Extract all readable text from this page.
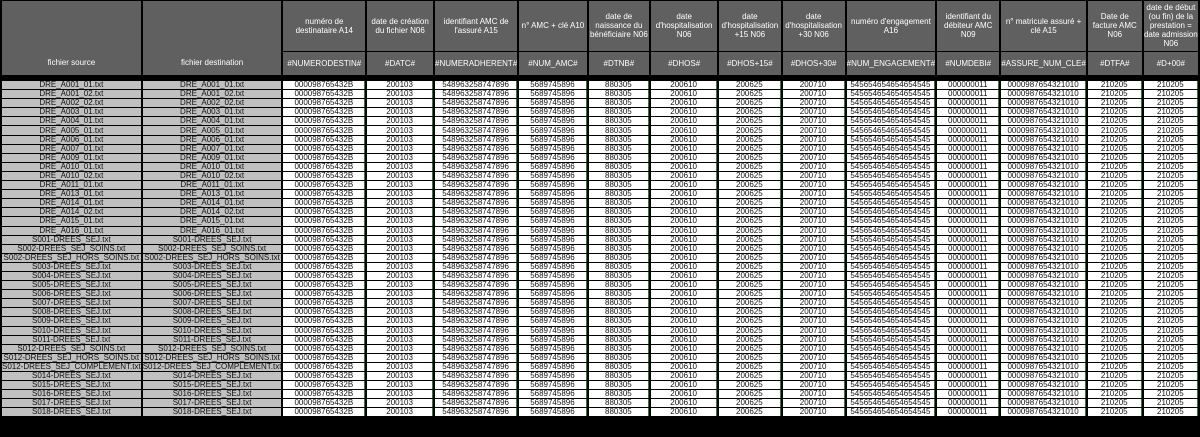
fichier source	fichier destination	numéro de destinataire A14	date de création du fichier N06	identifiant AMC de l'assuré A15	n° AMC + clé A10	date de naissance du bénéficiaire N06	date d'hospitalisation N06	date d'hospitalisation +15 N06	date d'hospitalisation +30 N06	numéro d'engagement A16	identifiant du débiteur AMC N09	n° matricule assuré + clé A15	Date de facture AMC N06	date de début (ou fin) de la prestation = date admission N06
		#NUMERODESTIN#	#DATC#	#NUMERADHERENT#	#NUM_AMC#	#DTNB#	#DHOS#	#DHOS+15#	#DHOS+30#	#NUM_ENGAGEMENT#	#NUMDEBI#	#ASSURE_NUM_CLE#	#DTFA#	#D+00#

DRE_A001_01.txt	DRE_A001_01.txt	000098765432B	200103	548963258747896	5689745896	880305	200610	200625	200710	545654654654654545	000000011	0000987654321010	210205	210205
DRE_A001_02.txt	DRE_A001_02.txt	000098765432B	200103	548963258747896	5689745896	880305	200610	200625	200710	545654654654654545	000000011	0000987654321010	210205	210205
DRE_A002_02.txt	DRE_A002_02.txt	000098765432B	200103	548963258747896	5689745896	880305	200610	200625	200710	545654654654654545	000000011	0000987654321010	210205	210205
DRE_A003_01.txt	DRE_A003_01.txt	000098765432B	200103	548963258747896	5689745896	880305	200610	200625	200710	545654654654654545	000000011	0000987654321010	210205	210205
DRE_A004_01.txt	DRE_A004_01.txt	000098765432B	200103	548963258747896	5689745896	880305	200610	200625	200710	545654654654654545	000000011	0000987654321010	210205	210205
DRE_A005_01.txt	DRE_A005_01.txt	000098765432B	200103	548963258747896	5689745896	880305	200610	200625	200710	545654654654654545	000000011	0000987654321010	210205	210205
DRE_A006_01.txt	DRE_A006_01.txt	000098765432B	200103	548963258747896	5689745896	880305	200610	200625	200710	545654654654654545	000000011	0000987654321010	210205	210205
DRE_A007_01.txt	DRE_A007_01.txt	000098765432B	200103	548963258747896	5689745896	880305	200610	200625	200710	545654654654654545	000000011	0000987654321010	210205	210205
DRE_A009_01.txt	DRE_A009_01.txt	000098765432B	200103	548963258747896	5689745896	880305	200610	200625	200710	545654654654654545	000000011	0000987654321010	210205	210205
DRE_A010_01.txt	DRE_A010_01.txt	000098765432B	200103	548963258747896	5689745896	880305	200610	200625	200710	545654654654654545	000000011	0000987654321010	210205	210205
DRE_A010_02.txt	DRE_A010_02.txt	000098765432B	200103	548963258747896	5689745896	880305	200610	200625	200710	545654654654654545	000000011	0000987654321010	210205	210205
DRE_A011_01.txt	DRE_A011_01.txt	000098765432B	200103	548963258747896	5689745896	880305	200610	200625	200710	545654654654654545	000000011	0000987654321010	210205	210205
DRE_A013_01.txt	DRE_A013_01.txt	000098765432B	200103	548963258747896	5689745896	880305	200610	200625	200710	545654654654654545	000000011	0000987654321010	210205	210205
DRE_A014_01.txt	DRE_A014_01.txt	000098765432B	200103	548963258747896	5689745896	880305	200610	200625	200710	545654654654654545	000000011	0000987654321010	210205	210205
DRE_A014_02.txt	DRE_A014_02.txt	000098765432B	200103	548963258747896	5689745896	880305	200610	200625	200710	545654654654654545	000000011	0000987654321010	210205	210205
DRE_A015_01.txt	DRE_A015_01.txt	000098765432B	200103	548963258747896	5689745896	880305	200610	200625	200710	545654654654654545	000000011	0000987654321010	210205	210205
DRE_A016_01.txt	DRE_A016_01.txt	000098765432B	200103	548963258747896	5689745896	880305	200610	200625	200710	545654654654654545	000000011	0000987654321010	210205	210205
S001-DREES_SEJ.txt	S001-DREES_SEJ.txt	000098765432B	200103	548963258747896	5689745896	880305	200610	200625	200710	545654654654654545	000000011	0000987654321010	210205	210205
S002-DREES_SEJ_SOINS.txt	S002-DREES_SEJ_SOINS.txt	000098765432B	200103	548963258747896	5689745896	880305	200610	200625	200710	545654654654654545	000000011	0000987654321010	210205	210205
S002-DREES_SEJ_HORS_SOINS.txt	S002-DREES_SEJ_HORS_SOINS.txt	000098765432B	200103	548963258747896	5689745896	880305	200610	200625	200710	545654654654654545	000000011	0000987654321010	210205	210205
S003-DREES_SEJ.txt	S003-DREES_SEJ.txt	000098765432B	200103	548963258747896	5689745896	880305	200610	200625	200710	545654654654654545	000000011	0000987654321010	210205	210205
S004-DREES_SEJ.txt	S004-DREES_SEJ.txt	000098765432B	200103	548963258747896	5689745896	880305	200610	200625	200710	545654654654654545	000000011	0000987654321010	210205	210205
S005-DREES_SEJ.txt	S005-DREES_SEJ.txt	000098765432B	200103	548963258747896	5689745896	880305	200610	200625	200710	545654654654654545	000000011	0000987654321010	210205	210205
S006-DREES_SEJ.txt	S006-DREES_SEJ.txt	000098765432B	200103	548963258747896	5689745896	880305	200610	200625	200710	545654654654654545	000000011	0000987654321010	210205	210205
S007-DREES_SEJ.txt	S007-DREES_SEJ.txt	000098765432B	200103	548963258747896	5689745896	880305	200610	200625	200710	545654654654654545	000000011	0000987654321010	210205	210205
S008-DREES_SEJ.txt	S008-DREES_SEJ.txt	000098765432B	200103	548963258747896	5689745896	880305	200610	200625	200710	545654654654654545	000000011	0000987654321010	210205	210205
S009-DREES_SEJ.txt	S009-DREES_SEJ.txt	000098765432B	200103	548963258747896	5689745896	880305	200610	200625	200710	545654654654654545	000000011	0000987654321010	210205	210205
S010-DREES_SEJ.txt	S010-DREES_SEJ.txt	000098765432B	200103	548963258747896	5689745896	880305	200610	200625	200710	545654654654654545	000000011	0000987654321010	210205	210205
S011-DREES_SEJ.txt	S011-DREES_SEJ.txt	000098765432B	200103	548963258747896	5689745896	880305	200610	200625	200710	545654654654654545	000000011	0000987654321010	210205	210205
S012-DREES_SEJ_SOINS.txt	S012-DREES_SEJ_SOINS.txt	000098765432B	200103	548963258747896	5689745896	880305	200610	200625	200710	545654654654654545	000000011	0000987654321010	210205	210205
S012-DREES_SEJ_HORS_SOINS.txt	S012-DREES_SEJ_HORS_SOINS.txt	000098765432B	200103	548963258747896	5689745896	880305	200610	200625	200710	545654654654654545	000000011	0000987654321010	210205	210205
S012-DREES_SEJ_COMPLEMENT.txt	S012-DREES_SEJ_COMPLEMENT.txt	000098765432B	200103	548963258747896	5689745896	880305	200610	200625	200710	545654654654654545	000000011	0000987654321010	210205	210205
S014-DREES_SEJ.txt	S014-DREES_SEJ.txt	000098765432B	200103	548963258747896	5689745896	880305	200610	200625	200710	545654654654654545	000000011	0000987654321010	210205	210205
S015-DREES_SEJ.txt	S015-DREES_SEJ.txt	000098765432B	200103	548963258747896	5689745896	880305	200610	200625	200710	545654654654654545	000000011	0000987654321010	210205	210205
S016-DREES_SEJ.txt	S016-DREES_SEJ.txt	000098765432B	200103	548963258747896	5689745896	880305	200610	200625	200710	545654654654654545	000000011	0000987654321010	210205	210205
S017-DREES_SEJ.txt	S017-DREES_SEJ.txt	000098765432B	200103	548963258747896	5689745896	880305	200610	200625	200710	545654654654654545	000000011	0000987654321010	210205	210205
S018-DREES_SEJ.txt	S018-DREES_SEJ.txt	000098765432B	200103	548963258747896	5689745896	880305	200610	200625	200710	545654654654654545	000000011	0000987654321010	210205	210205
